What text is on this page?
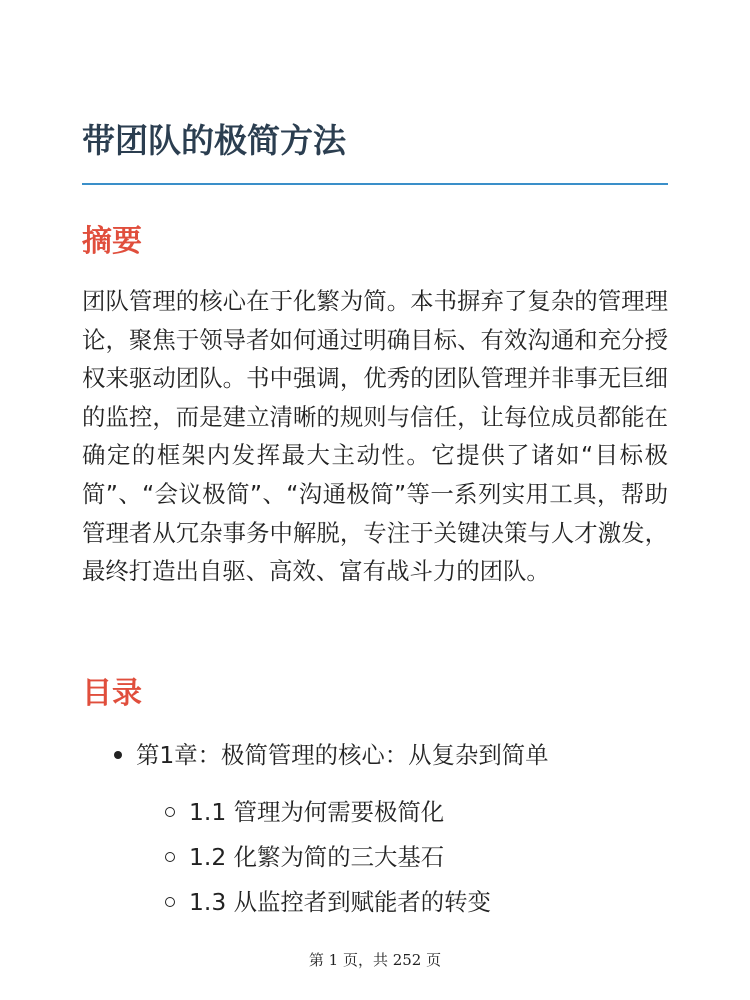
带团队的极简方法
摘要

团队管理的核心在于化繁为简。本书摒弃了复杂的管理理论，聚焦于领导者如何通过明确目标、有效沟通和充分授权来驱动团队。书中强调，优秀的团队管理并非事无巨细的监控，而是建立清晰的规则与信任，让每位成员都能在确定的框架内发挥最大主动性。它提供了诸如“目标极简”、“会议极简”、“沟通极简”等一系列实用工具，帮助管理者从冗杂事务中解脱，专注于关键决策与人才激发，最终打造出自驱、高效、富有战斗力的团队。

目录
第1章：极简管理的核心：从复杂到简单
1.1 管理为何需要极简化
1.2 化繁为简的三大基石
1.3 从监控者到赋能者的转变
第 1 页，共 252 页
